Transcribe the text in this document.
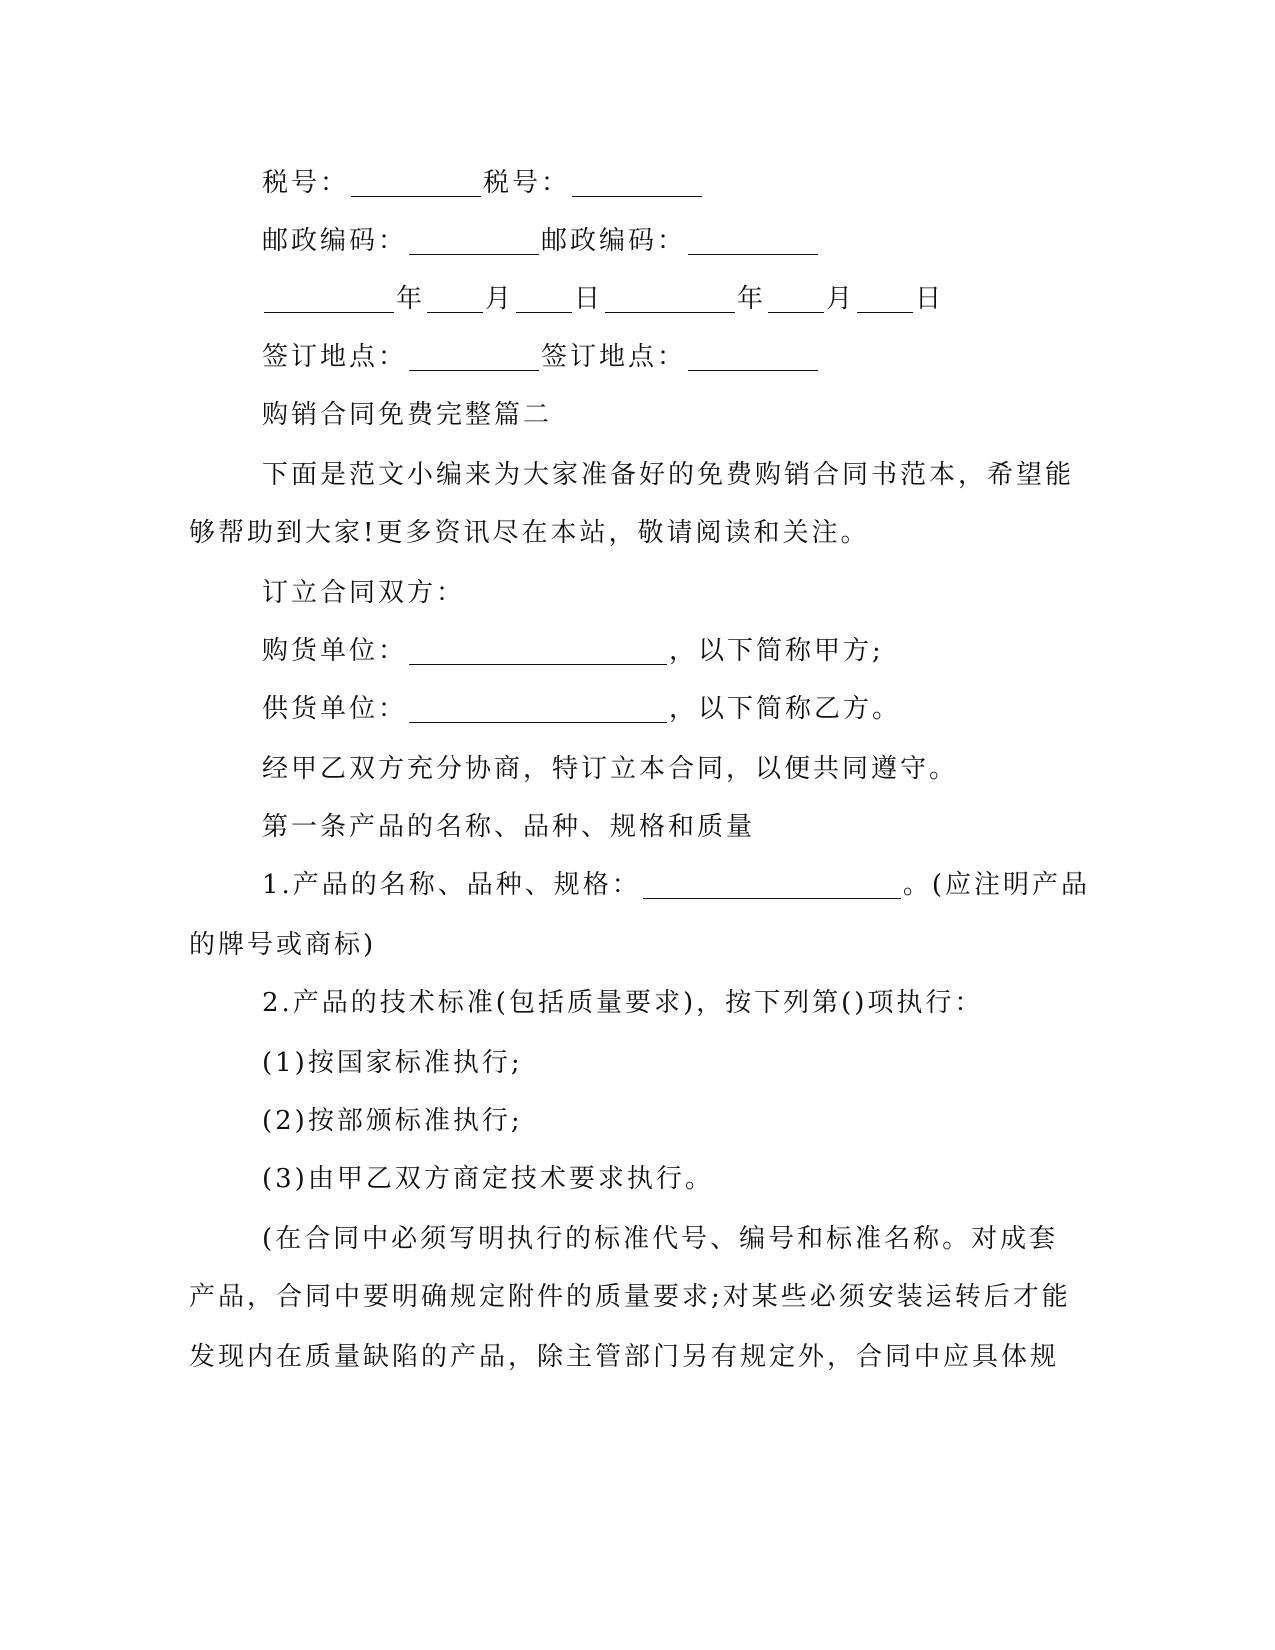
税号：	税号：
邮政编码：	邮政编码：
年 月 日	年 月 日
签订地点：	签订地点：
购销合同免费完整篇二
下面是范文小编来为大家准备好的免费购销合同书范本，希望能
够帮助到大家!更多资讯尽在本站，敬请阅读和关注。
订立合同双方：
购货单位：	，以下简称甲方;
供货单位：	，以下简称乙方。
经甲乙双方充分协商，特订立本合同，以便共同遵守。
第一条产品的名称、品种、规格和质量
1.产品的名称、品种、规格：	。(应注明产品
的牌号或商标)
2.产品的技术标准(包括质量要求)，按下列第()项执行：
(1)按国家标准执行;
(2)按部颁标准执行;
(3)由甲乙双方商定技术要求执行。
(在合同中必须写明执行的标准代号、编号和标准名称。对成套
产品，合同中要明确规定附件的质量要求;对某些必须安装运转后才能
发现内在质量缺陷的产品，除主管部门另有规定外，合同中应具体规
